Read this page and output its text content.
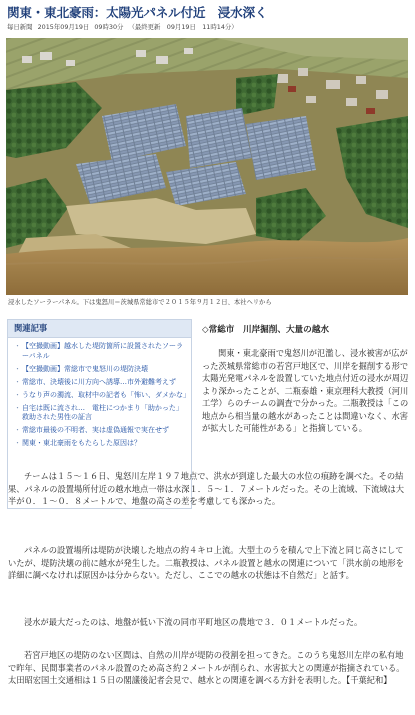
関東・東北豪雨：太陽光パネル付近　浸水深く
毎日新聞 2015年09月19日 09時30分 （最終更新　09月19日　11時14分）
浸水したソーラーパネル。下は鬼怒川＝茨城県常総市で２０１５年９月１２日、本社ヘリから
関連記事
・ 【空撮動画】越水した堤防箇所に設置されたソーラーパネル
・ 【空撮動画】常総市で鬼怒川の堤防決壊
・ 常総市、決壊後に川方向へ誘導…市外避難考えず
・ うなり声の濁流、取材中の記者も「怖い、ダメかな」
・ 自宅は既に流され…　電柱につかまり「助かった」救助された男性の証言
・ 常総市最後の不明者、実は虚偽通報で実在せず
・ 関東・東北豪雨をもたらした原因は？
◇常総市　川岸掘削、大量の越水

関東・東北豪雨で鬼怒川が氾濫し、浸水被害が広がった茨城県常総市の若宮戸地区で、川岸を掘削する形で太陽光発電パネルを設置していた地点付近の浸水が周辺より深かったことが、二瓶泰雄・東京理科大教授（河川工学）らのチームの調査で分かった。二瓶教授は「この地点から相当量の越水があったことは間違いなく、水害が拡大した可能性がある」と指摘している。

チームは１５〜１６日、鬼怒川左岸１９７地点で、洪水が到達した最大の水位の痕跡を調べた。その結果、パネルの設置場所付近の越水地点一帯は水深１．５〜１．７メートルだった。その上流域、下流域は大半が０．１〜０．８メートルで、地盤の高さの差を考慮しても深かった。

パネルの設置場所は堤防が決壊した地点の約４キロ上流。大型土のうを積んで上下流と同じ高さにしていたが、堤防決壊の前に越水が発生した。二瓶教授は、パネル設置と越水の関連について「洪水前の地形を詳細に調べなければ原因かは分からない。ただし、ここでの越水の状態は不自然だ」と話す。

浸水が最大だったのは、地盤が低い下流の同市平町地区の農地で３．０１メートルだった。

若宮戸地区の堤防のない区間は、自然の川岸が堤防の役割を担ってきた。このうち鬼怒川左岸の私有地で昨年、民間事業者のパネル設置のため高さ約２メートルが削られ、水害拡大との関連が指摘されている。太田昭宏国土交通相は１５日の閣議後記者会見で、越水との関連を調べる方針を表明した。【千葉紀和】
